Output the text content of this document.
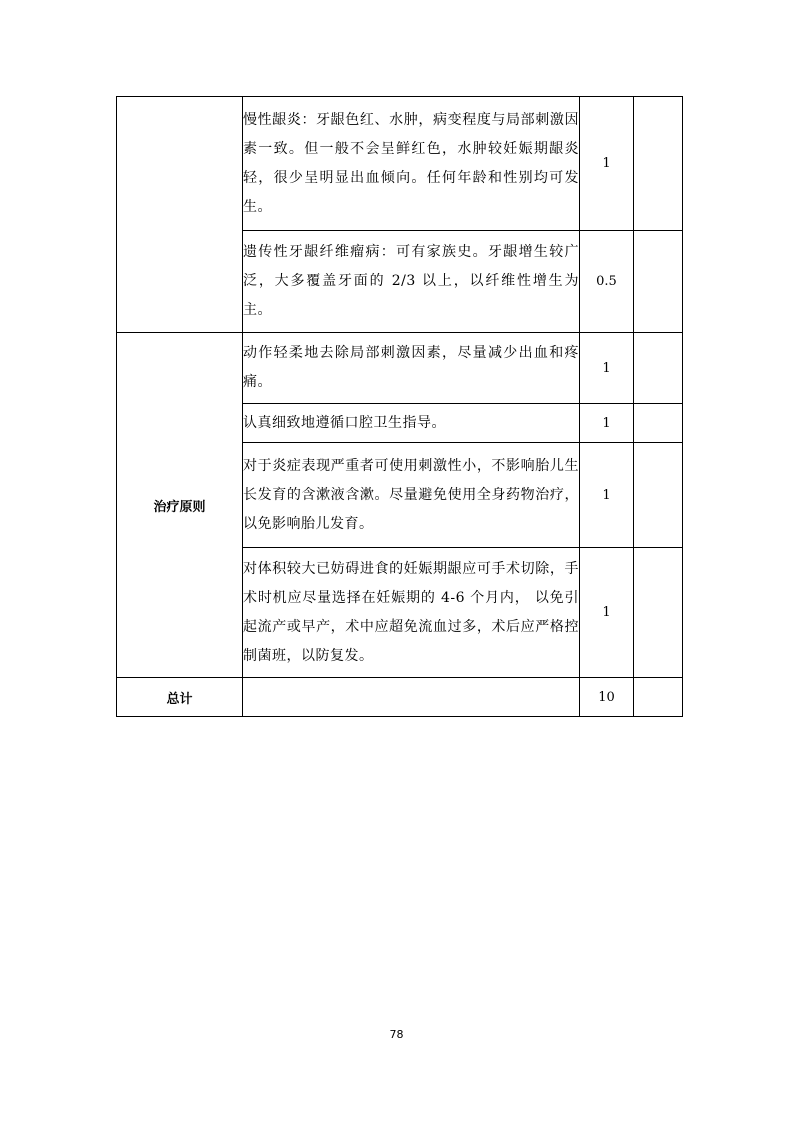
	慢性龈炎：牙龈色红、水肿，病变程度与局部刺激因素一致。但一般不会呈鲜红色，水肿较妊娠期龈炎轻，很少呈明显出血倾向。任何年龄和性别均可发生。	1	
	遗传性牙龈纤维瘤病：可有家族史。牙龈增生较广泛，大多覆盖牙面的 2/3 以上，以纤维性增生为主。	0.5	
治疗原则	动作轻柔地去除局部刺激因素，尽量减少出血和疼痛。	1	
	认真细致地遵循口腔卫生指导。	1	
	对于炎症表现严重者可使用刺激性小，不影响胎儿生长发育的含漱液含漱。尽量避免使用全身药物治疗，以免影响胎儿发育。	1	
	对体积较大已妨碍进食的妊娠期龈应可手术切除，手术时机应尽量选择在妊娠期的 4-6 个月内， 以免引起流产或早产，术中应超免流血过多，术后应严格控制菌班，以防复发。	1	
总计		10	
78
